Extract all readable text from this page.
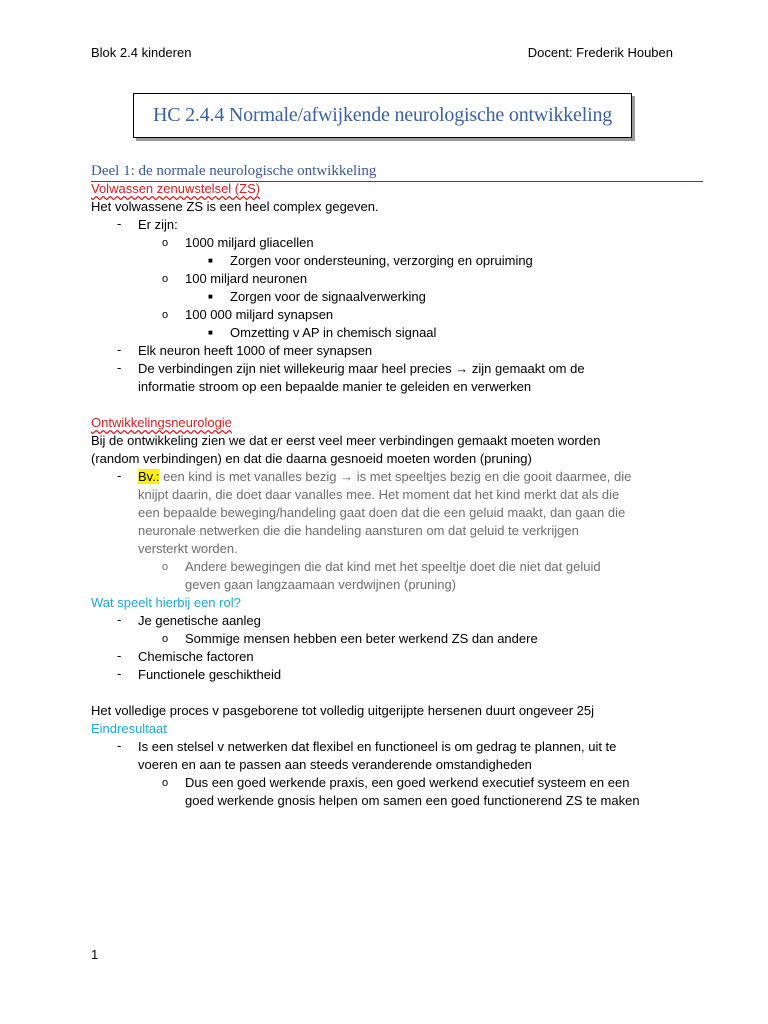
Blok 2.4 kinderen	Docent: Frederik Houben
HC 2.4.4 Normale/afwijkende neurologische ontwikkeling
Deel 1: de normale neurologische ontwikkeling
Volwassen zenuwstelsel (ZS)
Het volwassene ZS is een heel complex gegeven.
- Er zijn:
o 1000 miljard gliacellen
■ Zorgen voor ondersteuning, verzorging en opruiming
o 100 miljard neuronen
■ Zorgen voor de signaalverwerking
o 100 000 miljard synapsen
■ Omzetting v AP in chemisch signaal
- Elk neuron heeft 1000 of meer synapsen
- De verbindingen zijn niet willekeurig maar heel precies → zijn gemaakt om de
informatie stroom op een bepaalde manier te geleiden en verwerken
Ontwikkelingsneurologie
Bij de ontwikkeling zien we dat er eerst veel meer verbindingen gemaakt moeten worden
(random verbindingen) en dat die daarna gesnoeid moeten worden (pruning)
- Bv.: een kind is met vanalles bezig → is met speeltjes bezig en die gooit daarmee, die
knijpt daarin, die doet daar vanalles mee. Het moment dat het kind merkt dat als die
een bepaalde beweging/handeling gaat doen dat die een geluid maakt, dan gaan die
neuronale netwerken die die handeling aansturen om dat geluid te verkrijgen
versterkt worden.
o Andere bewegingen die dat kind met het speeltje doet die niet dat geluid
geven gaan langzaamaan verdwijnen (pruning)
Wat speelt hierbij een rol?
- Je genetische aanleg
o Sommige mensen hebben een beter werkend ZS dan andere
- Chemische factoren
- Functionele geschiktheid
Het volledige proces v pasgeborene tot volledig uitgerijpte hersenen duurt ongeveer 25j
Eindresultaat
- Is een stelsel v netwerken dat flexibel en functioneel is om gedrag te plannen, uit te
voeren en aan te passen aan steeds veranderende omstandigheden
o Dus een goed werkende praxis, een goed werkend executief systeem en een
goed werkende gnosis helpen om samen een goed functionerend ZS te maken
1
